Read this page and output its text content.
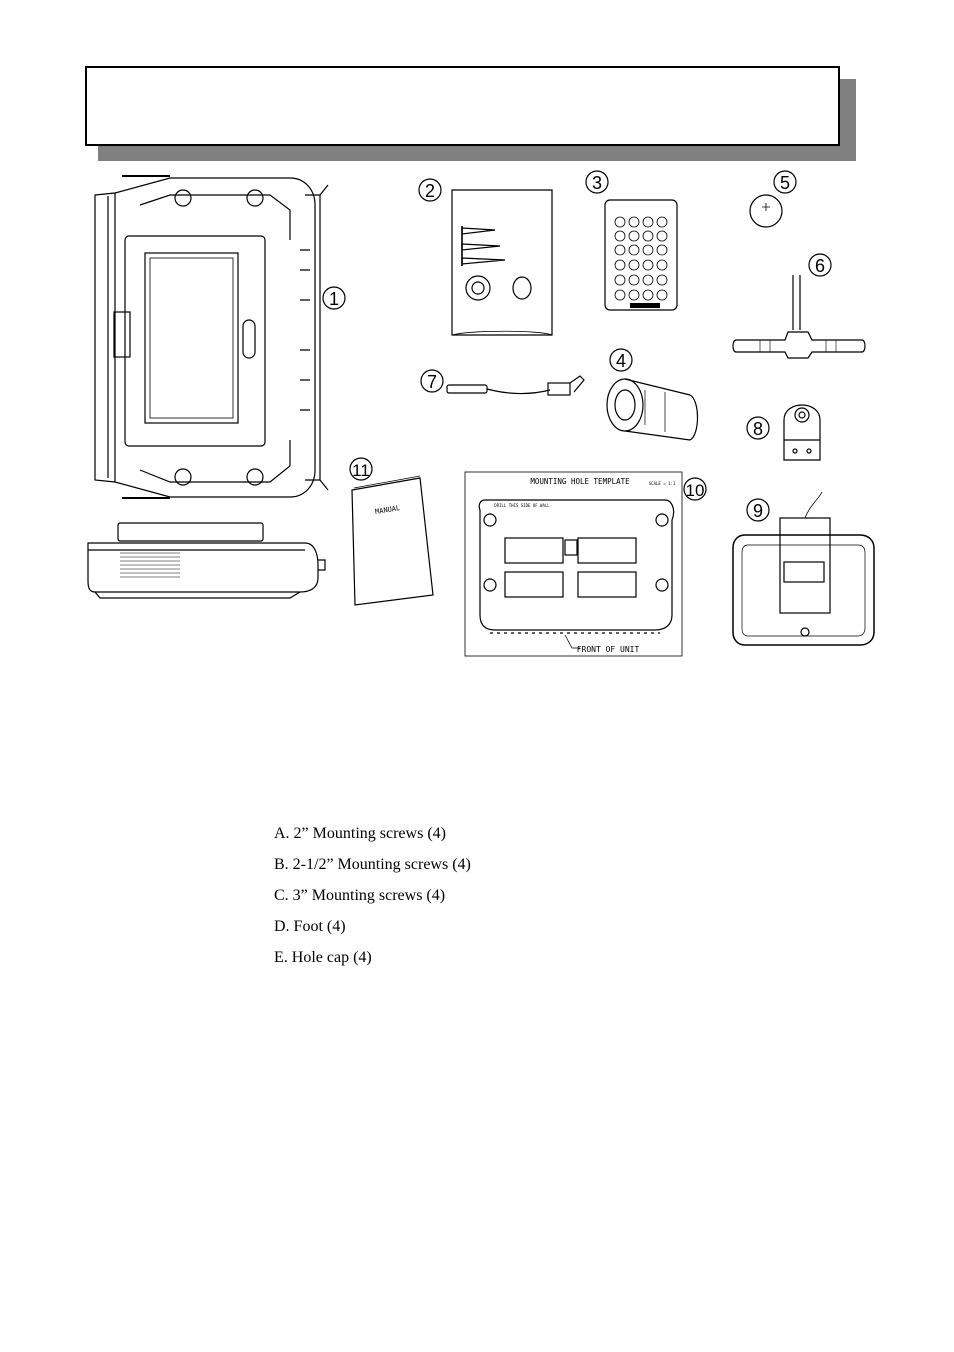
1
2	3	5
6
7
4
8
MANUAL
11
MOUNTING HOLE TEMPLATE	SCALE = 1:1
DRILL THIS SIDE OF WALL
FRONT OF UNIT
10
9
A. 2” Mounting screws (4)
B. 2-1/2” Mounting screws (4)
C. 3” Mounting screws (4)
D. Foot (4)
E. Hole cap (4)
